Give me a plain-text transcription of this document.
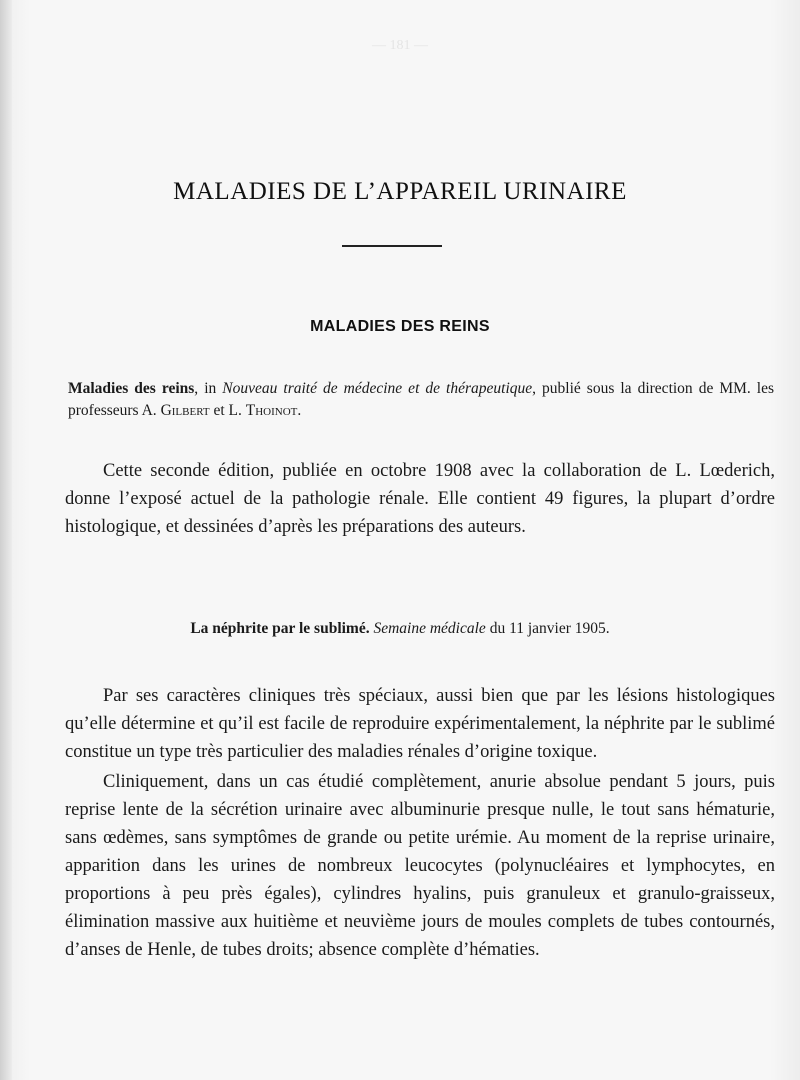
— 181 —
MALADIES DE L’APPAREIL URINAIRE
MALADIES DES REINS
Maladies des reins, in Nouveau traité de médecine et de thérapeutique, publié sous la direction de MM. les professeurs A. Gilbert et L. Thoinot.

Cette seconde édition, publiée en octobre 1908 avec la collaboration de L. Lœderich, donne l’exposé actuel de la pathologie rénale. Elle contient 49 figures, la plupart d’ordre histologique, et dessinées d’après les préparations des auteurs.

La néphrite par le sublimé. Semaine médicale du 11 janvier 1905.

Par ses caractères cliniques très spéciaux, aussi bien que par les lésions histologiques qu’elle détermine et qu’il est facile de reproduire expérimentalement, la néphrite par le sublimé constitue un type très particulier des maladies rénales d’origine toxique.

Cliniquement, dans un cas étudié complètement, anurie absolue pendant 5 jours, puis reprise lente de la sécrétion urinaire avec albuminurie presque nulle, le tout sans hématurie, sans œdèmes, sans symptômes de grande ou petite urémie. Au moment de la reprise urinaire, apparition dans les urines de nombreux leucocytes (polynucléaires et lymphocytes, en proportions à peu près égales), cylindres hyalins, puis granuleux et granulo-graisseux, élimination massive aux huitième et neuvième jours de moules complets de tubes contournés, d’anses de Henle, de tubes droits; absence complète d’hématies.
